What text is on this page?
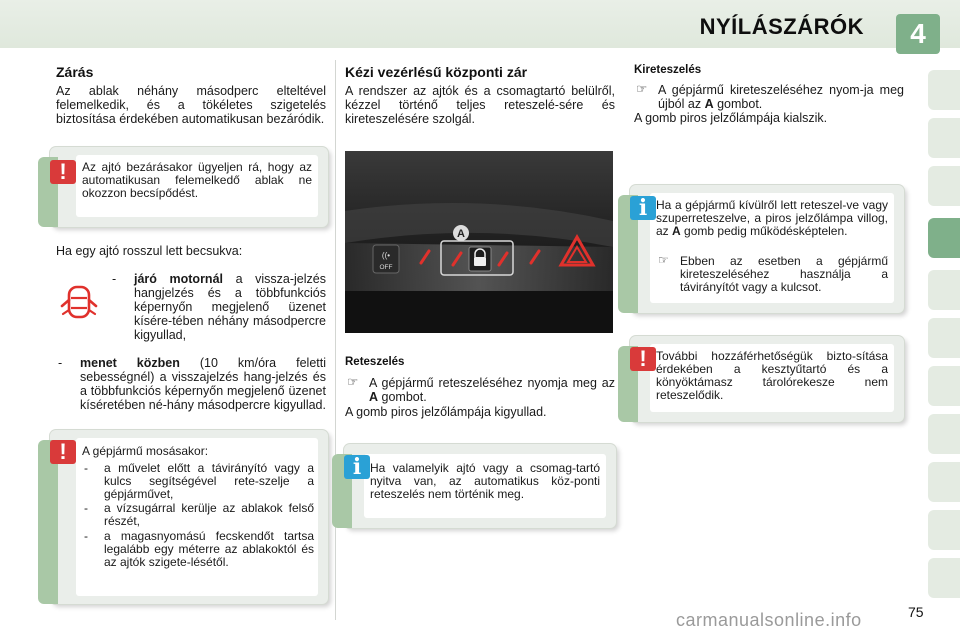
NYÍLÁSZÁRÓK	4
Zárás

Az ablak néhány másodperc elteltével felemelkedik, és a tökéletes szigetelés biztosítása érdekében automatikusan bezáródik.

Az ajtó bezárásakor ügyeljen rá, hogy az automatikusan felemelkedő ablak ne okozzon becsípődést.
!

Ha egy ajtó rosszul lett becsukva:

- járó motornál a vissza-jelzés hangjelzés és a többfunkciós képernyőn megjelenő üzenet kísére-tében néhány másodpercre kigyullad,
- menet közben (10 km/óra feletti sebességnél) a visszajelzés hang-jelzés és a többfunkciós képernyőn megjelenő üzenet kíséretében né-hány másodpercre kigyullad.
A gépjármű mosásakor:
- a művelet előtt a távirányító vagy a kulcs segítségével rete-szelje a gépjárművet,
- a vízsugárral kerülje az ablakok felső részét,
- a magasnyomású fecskendőt tartsa legalább egy méterre az ablakoktól és az ajtók szigete-lésétől.
!
Kézi vezérlésű központi zár

A rendszer az ajtók és a csomagtartó belülről, kézzel történő teljes reteszelé-sére és kireteszelésére szolgál.

((•
OFF
A
Reteszelés
☞ A gépjármű reteszeléséhez nyomja meg az A gombot.

A gomb piros jelzőlámpája kigyullad.

Ha valamelyik ajtó vagy a csomag-tartó nyitva van, az automatikus köz-ponti reteszelés nem történik meg.
i
Kireteszelés
☞ A gépjármű kireteszeléséhez nyom-ja meg újból az A gombot.

A gomb piros jelzőlámpája kialszik.

Ha a gépjármű kívülről lett reteszel-ve vagy szuperreteszelve, a piros jelzőlámpa villog, az A gomb pedig működésképtelen.
☞ Ebben az esetben a gépjármű kireteszeléséhez használja a távirányítót vagy a kulcsot.
i
További hozzáférhetőségük bizto-sítása érdekében a kesztyűtartó és a könyöktámasz tárolórekesze nem reteszelődik.
!
75
carmanualsonline.info
